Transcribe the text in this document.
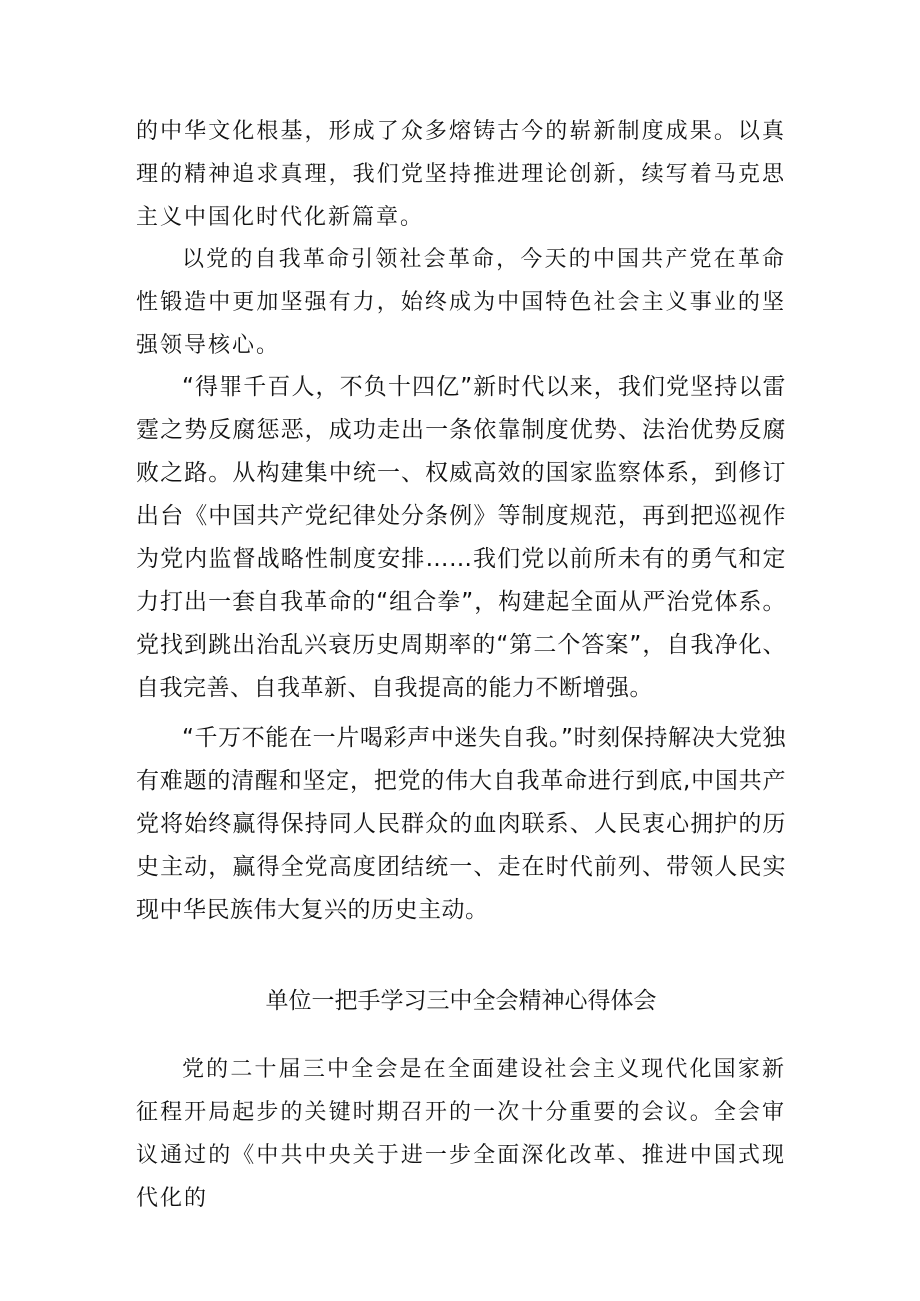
的中华文化根基，形成了众多熔铸古今的崭新制度成果。以真理的精神追求真理，我们党坚持推进理论创新，续写着马克思主义中国化时代化新篇章。

以党的自我革命引领社会革命，今天的中国共产党在革命性锻造中更加坚强有力，始终成为中国特色社会主义事业的坚强领导核心。

“得罪千百人，不负十四亿”新时代以来，我们党坚持以雷霆之势反腐惩恶，成功走出一条依靠制度优势、法治优势反腐败之路。从构建集中统一、权威高效的国家监察体系，到修订出台《中国共产党纪律处分条例》等制度规范，再到把巡视作为党内监督战略性制度安排……我们党以前所未有的勇气和定力打出一套自我革命的“组合拳”，构建起全面从严治党体系。党找到跳出治乱兴衰历史周期率的“第二个答案”，自我净化、自我完善、自我革新、自我提高的能力不断增强。

“千万不能在一片喝彩声中迷失自我。”时刻保持解决大党独有难题的清醒和坚定，把党的伟大自我革命进行到底,中国共产党将始终赢得保持同人民群众的血肉联系、人民衷心拥护的历史主动，赢得全党高度团结统一、走在时代前列、带领人民实现中华民族伟大复兴的历史主动。

单位一把手学习三中全会精神心得体会

党的二十届三中全会是在全面建设社会主义现代化国家新征程开局起步的关键时期召开的一次十分重要的会议。全会审议通过的《中共中央关于进一步全面深化改革、推进中国式现代化的
